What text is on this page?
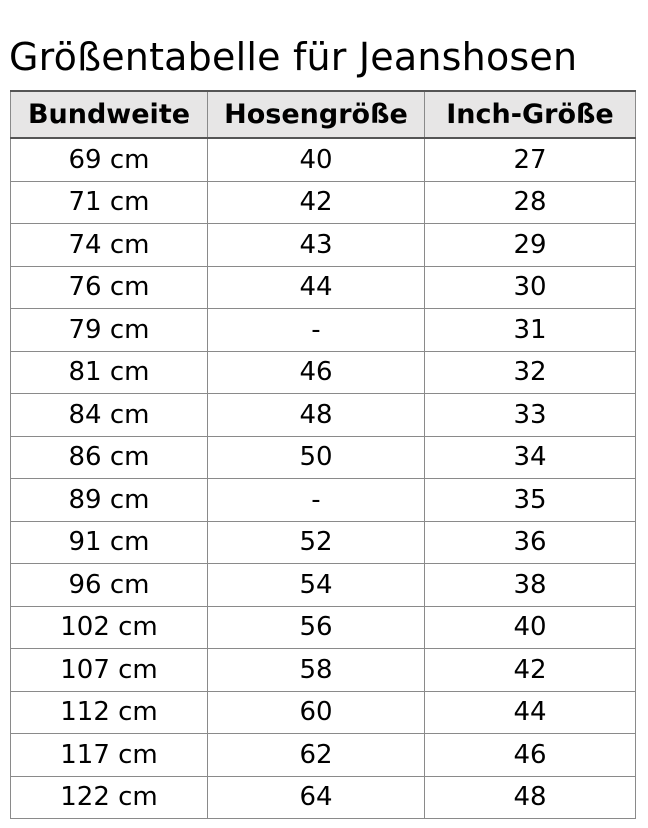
Größentabelle für Jeanshosen
Bundweite	Hosengröße	Inch-Größe
69 cm	40	27
71 cm	42	28
74 cm	43	29
76 cm	44	30
79 cm	-	31
81 cm	46	32
84 cm	48	33
86 cm	50	34
89 cm	-	35
91 cm	52	36
96 cm	54	38
102 cm	56	40
107 cm	58	42
112 cm	60	44
117 cm	62	46
122 cm	64	48
